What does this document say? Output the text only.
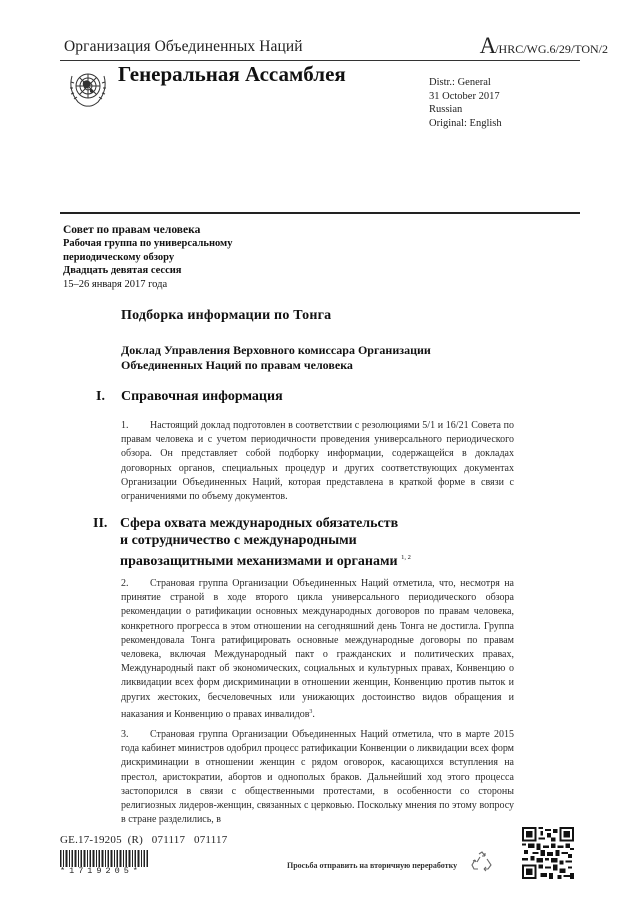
Организация Объединенных Наций	A/HRC/WG.6/29/TON/2
Генеральная Ассамблея	Distr.: General
31 October 2017
Russian
Original: English
Совет по правам человека
Рабочая группа по универсальному
периодическому обзору
Двадцать девятая сессия
15–26 января 2017 года
Подборка информации по Тонга
Доклад Управления Верховного комиссара Организации
Объединенных Наций по правам человека
I. Справочная информация
1. Настоящий доклад подготовлен в соответствии с резолюциями 5/1 и 16/21 Совета по правам человека и с учетом периодичности проведения универсального периодического обзора. Он представляет собой подборку информации, содержащейся в докладах договорных органов, специальных процедур и других соответствующих документах Организации Объединенных Наций, которая представлена в краткой форме в связи с ограничениями по объему документов.
II. Сфера охвата международных обязательств
и сотрудничество с международными
правозащитными механизмами и органами $^{1, 2}$
2. Страновая группа Организации Объединенных Наций отметила, что, несмотря на принятие страной в ходе второго цикла универсального периодического обзора рекомендации о ратификации основных международных договоров по правам человека, конкретного прогресса в этом отношении на сегодняшний день Тонга не достигла. Группа рекомендовала Тонга ратифицировать основные международные договоры по правам человека, включая Международный пакт о гражданских и политических правах, Международный пакт об экономических, социальных и культурных правах, Конвенцию о ликвидации всех форм дискриминации в отношении женщин, Конвенцию против пыток и других жестоких, бесчеловечных или унижающих достоинство видов обращения и наказания и Конвенцию о правах инвалидов$^3$.
3. Страновая группа Организации Объединенных Наций отметила, что в марте 2015 года кабинет министров одобрил процесс ратификации Конвенции о ликвидации всех форм дискриминации в отношении женщин с рядом оговорок, касающихся вступления на престол, аристократии, абортов и однополых браков. Дальнейший ход этого процесса застопорился в связи с общественными протестами, в особенности со стороны религиозных лидеров-женщин, связанных с церковью. Поскольку мнения по этому вопросу в стране разделились, в
GE.17-19205  (R)   071117   071117
*1719205*
Просьба отправить на вторичную переработку
